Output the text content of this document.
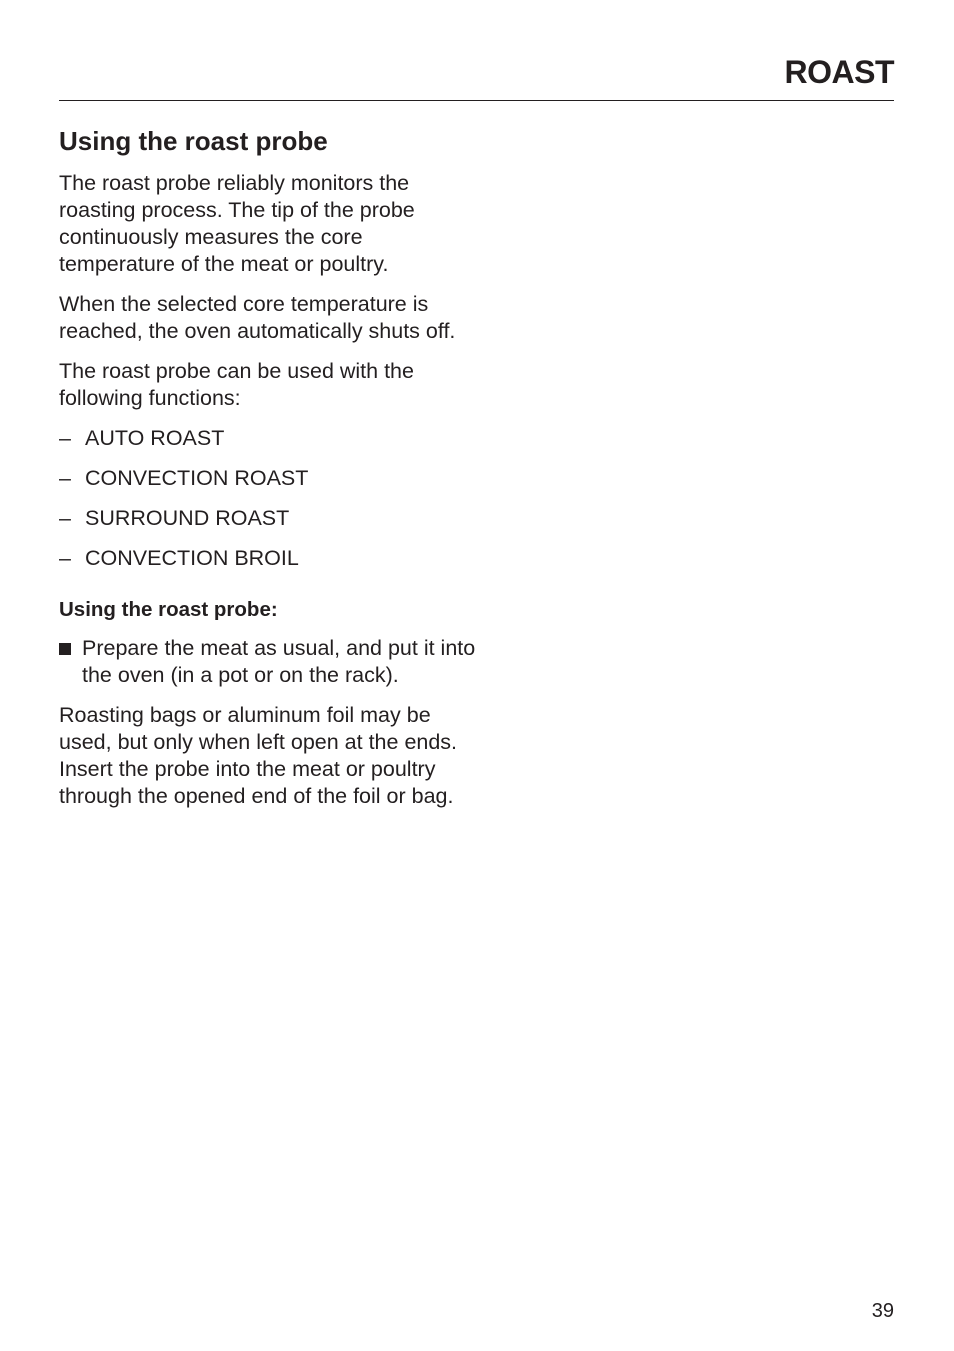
ROAST
Using the roast probe

The roast probe reliably monitors the roasting process. The tip of the probe continuously measures the core temperature of the meat or poultry.

When the selected core temperature is reached, the oven automatically shuts off.

The roast probe can be used with the following functions:

– AUTO ROAST
– CONVECTION ROAST
– SURROUND ROAST
– CONVECTION BROIL
Using the roast probe:
Prepare the meat as usual, and put it into the oven (in a pot or on the rack).

Roasting bags or aluminum foil may be used, but only when left open at the ends. Insert the probe into the meat or poultry through the opened end of the foil or bag.

39
